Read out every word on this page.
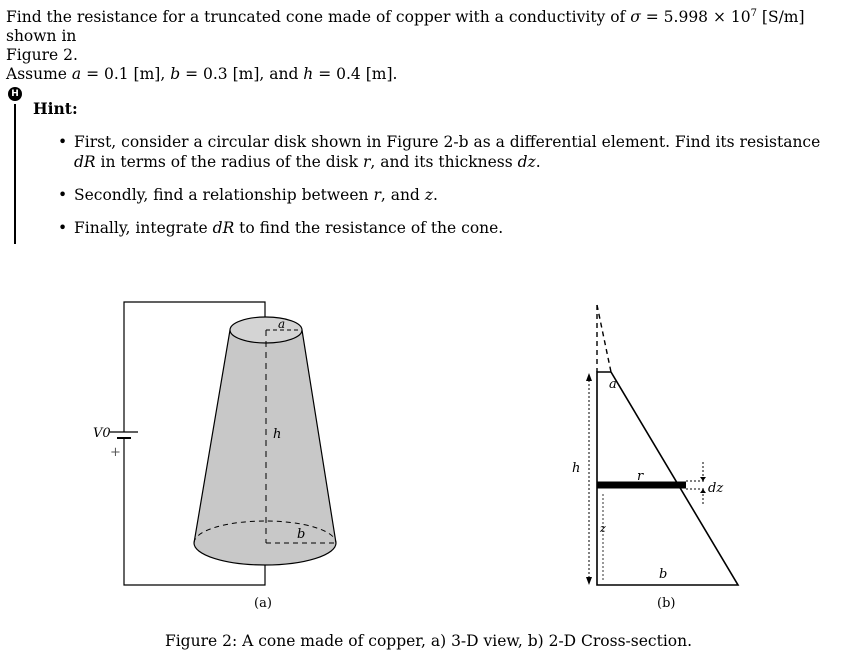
Find the resistance for a truncated cone made of copper with a conductivity of $\sigma = 5.998 \times 10^7$ [S/m] shown in

Figure 2.

Assume a = 0.1 [m], b = 0.3 [m], and h = 0.4 [m].

H
Hint:
• First, consider a circular disk shown in Figure 2-b as a differential element. Find its resistance dR in terms of the radius of the disk r, and its thickness dz.
• Secondly, find a relationship between r, and z.
• Finally, integrate dR to find the resistance of the cone.
V0
+
a
h
b
(a)
a
h
r
dz
z
b
(b)
Figure 2: A cone made of copper, a) 3-D view, b) 2-D Cross-section.
